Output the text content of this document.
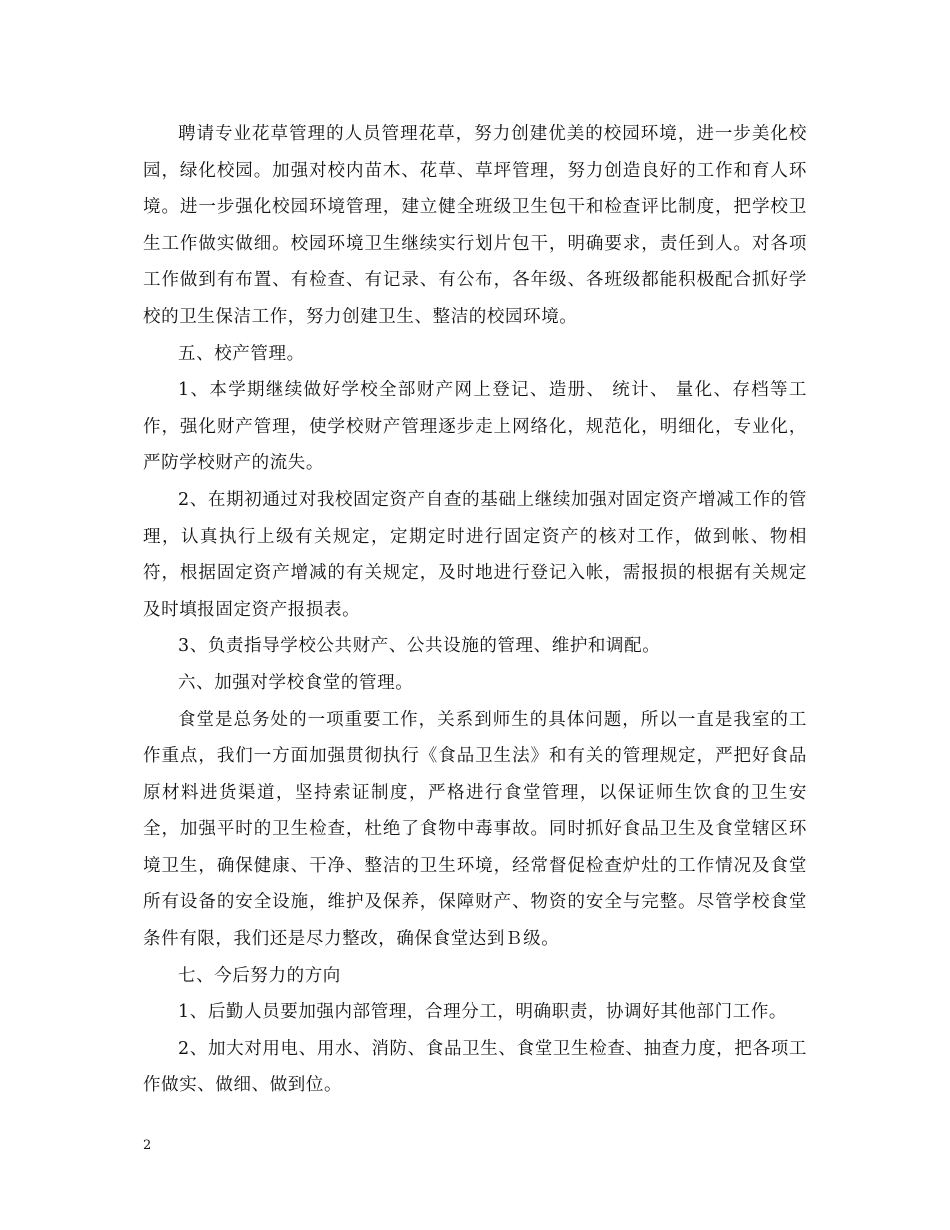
聘请专业花草管理的人员管理花草，努力创建优美的校园环境，进一步美化校园，绿化校园。加强对校内苗木、花草、草坪管理，努力创造良好的工作和育人环境。进一步强化校园环境管理，建立健全班级卫生包干和检查评比制度，把学校卫生工作做实做细。校园环境卫生继续实行划片包干，明确要求，责任到人。对各项工作做到有布置、有检查、有记录、有公布，各年级、各班级都能积极配合抓好学校的卫生保洁工作，努力创建卫生、整洁的校园环境。

五、校产管理。

1、本学期继续做好学校全部财产网上登记、造册、 统计、 量化、存档等工作，强化财产管理，使学校财产管理逐步走上网络化，规范化，明细化，专业化，严防学校财产的流失。

2、在期初通过对我校固定资产自查的基础上继续加强对固定资产增减工作的管理，认真执行上级有关规定，定期定时进行固定资产的核对工作，做到帐、物相符，根据固定资产增减的有关规定，及时地进行登记入帐，需报损的根据有关规定及时填报固定资产报损表。

3、负责指导学校公共财产、公共设施的管理、维护和调配。

六、加强对学校食堂的管理。

食堂是总务处的一项重要工作，关系到师生的具体问题，所以一直是我室的工作重点，我们一方面加强贯彻执行《食品卫生法》和有关的管理规定，严把好食品原材料进货渠道，坚持索证制度，严格进行食堂管理，以保证师生饮食的卫生安全，加强平时的卫生检查，杜绝了食物中毒事故。同时抓好食品卫生及食堂辖区环境卫生，确保健康、干净、整洁的卫生环境，经常督促检查炉灶的工作情况及食堂所有设备的安全设施，维护及保养，保障财产、物资的安全与完整。尽管学校食堂条件有限，我们还是尽力整改，确保食堂达到Ｂ级。

七、今后努力的方向

1、后勤人员要加强内部管理，合理分工，明确职责，协调好其他部门工作。

2、加大对用电、用水、消防、食品卫生、食堂卫生检查、抽查力度，把各项工作做实、做细、做到位。

2
